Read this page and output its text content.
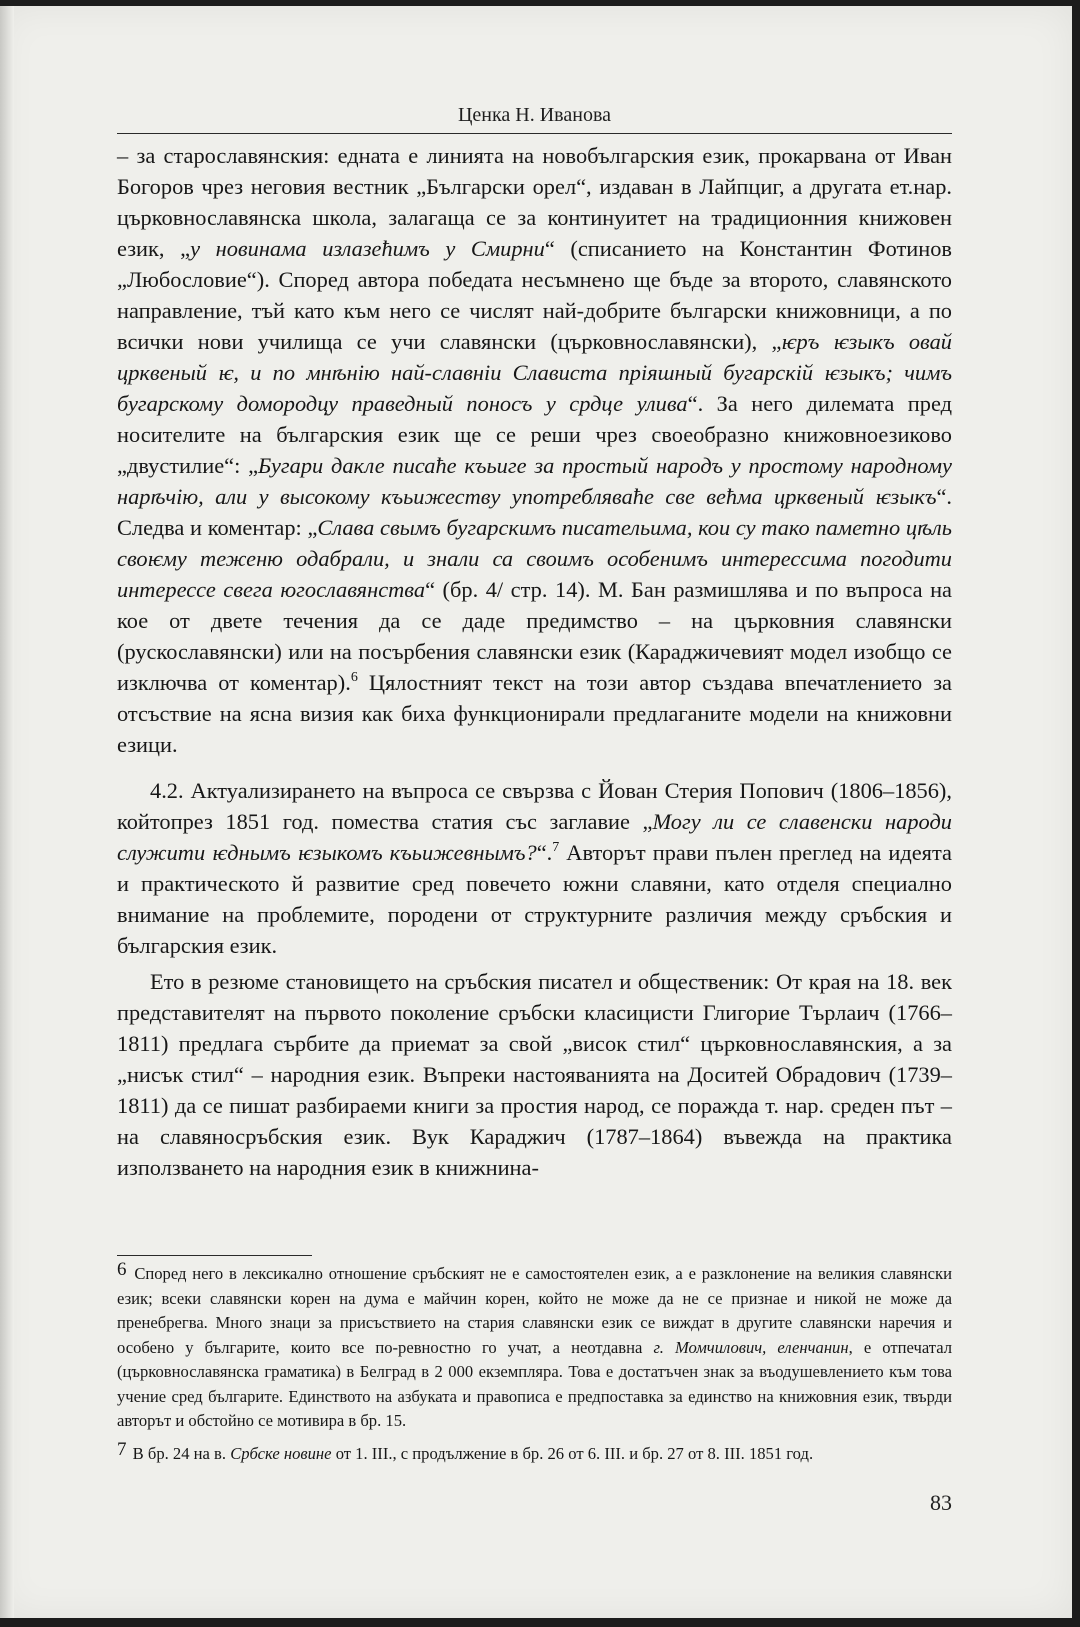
Ценка Н. Иванова

– за старославянския: едната е линията на новобългарския език, прокарвана от Иван Богоров чрез неговия вестник „Български орел“, издаван в Лайпциг, а другата ет.нар. църковнославянска школа, залагаща се за континуитет на традиционния книжовен език, „у новинама излазећимъ у Смирни“ (списанието на Константин Фотинов „Любословие“). Според автора победата несъмнено ще бъде за второто, славянското направление, тъй като към него се числят най-добрите български книжовници, а по всички нови училища се учи славянски (църковнославянски), „ѥръ ѥзыкъ овай црквеный ѥ, и по мнѣнію най-славніи Слависта пріяшный бугарскій ѥзыкъ; чимъ бугарскому домородцу праведный поносъ у срдце улива“. За него дилемата пред носителите на българския език ще се реши чрез своеобразно книжовноезиково „двустилие“: „Бугари дакле писаће къьиге за простый народъ у простому народному нарѣчію, али у высокому къьижеству употребляваће све већма црквеный ѥзыкъ“. Следва и коментар: „Слава свымъ бугарскимъ писательима, кои су тако паметно цѣль своѥму теженю одабрали, и знали са своимъ особенимъ интерессима погодити интерессе свега югославянства“ (бр. 4/ стр. 14). М. Бан размишлява и по въпроса на кое от двете течения да се даде предимство – на църковния славянски (рускославянски) или на посърбения славянски език (Караджичевият модел изобщо се изключва от коментар).$^6$ Цялостният текст на този автор създава впечатлението за отсъствие на ясна визия как биха функционирали предлаганите модели на книжовни езици.

4.2. Актуализирането на въпроса се свързва с Йован Стерия Попович (1806–1856), койтопрез 1851 год. помества статия със заглавие „Могу ли се славенски народи служити ѥднымъ ѥзыкомъ къьижевнымъ?“.$^7$ Авторът прави пълен преглед на идеята и практическото й развитие сред повечето южни славяни, като отделя специално внимание на проблемите, породени от структурните различия между сръбския и българския език.

Ето в резюме становището на сръбския писател и общественик: От края на 18. век представителят на първото поколение сръбски класицисти Глигорие Търлаич (1766–1811) предлага сърбите да приемат за свой „висок стил“ църковнославянския, а за „нисък стил“ – народния език. Въпреки настояванията на Доситей Обрадович (1739–1811) да се пишат разбираеми книги за простия народ, се поражда т. нар. среден път – на славяносръбския език. Вук Караджич (1787–1864) въвежда на практика използването на народния език в книжнина-

6 Според него в лексикално отношение сръбският не е самостоятелен език, а е разклонение на великия славянски език; всеки славянски корен на дума е майчин корен, който не може да не се признае и никой не може да пренебрегва. Много знаци за присъствието на стария славянски език се виждат в другите славянски наречия и особено у българите, които все по-ревностно го учат, а неотдавна г. Момчилович, еленчанин, е отпечатал (църковнославянска граматика) в Белград в 2 000 екземпляра. Това е достатъчен знак за въодушевлението към това учение сред българите. Единството на азбуката и правописа е предпоставка за единство на книжовния език, твърди авторът и обстойно се мотивира в бр. 15.

7 В бр. 24 на в. Србске новине от 1. III., с продължение в бр. 26 от 6. III. и бр. 27 от 8. III. 1851 год.

83
